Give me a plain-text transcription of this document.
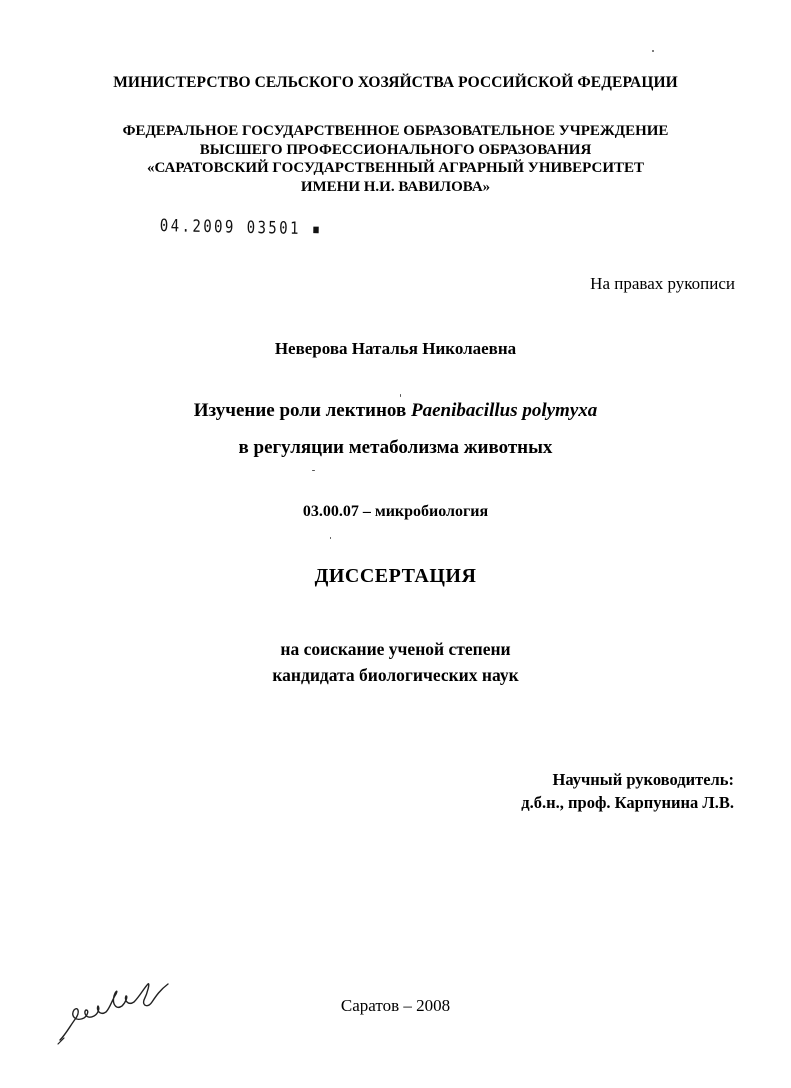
МИНИСТЕРСТВО СЕЛЬСКОГО ХОЗЯЙСТВА РОССИЙСКОЙ ФЕДЕРАЦИИ
ФЕДЕРАЛЬНОЕ ГОСУДАРСТВЕННОЕ ОБРАЗОВАТЕЛЬНОЕ УЧРЕЖДЕНИЕ
ВЫСШЕГО ПРОФЕССИОНАЛЬНОГО ОБРАЗОВАНИЯ
«САРАТОВСКИЙ ГОСУДАРСТВЕННЫЙ АГРАРНЫЙ УНИВЕРСИТЕТ
ИМЕНИ Н.И. ВАВИЛОВА»
04.2009 03501 ▪
На правах рукописи
Неверова Наталья Николаевна
Изучение роли лектинов Paenibacillus polymyxa
в регуляции метаболизма животных
03.00.07 – микробиология
ДИССЕРТАЦИЯ
на соискание ученой степени
кандидата биологических наук
Научный руководитель:
д.б.н., проф. Карпунина Л.В.
Саратов – 2008
